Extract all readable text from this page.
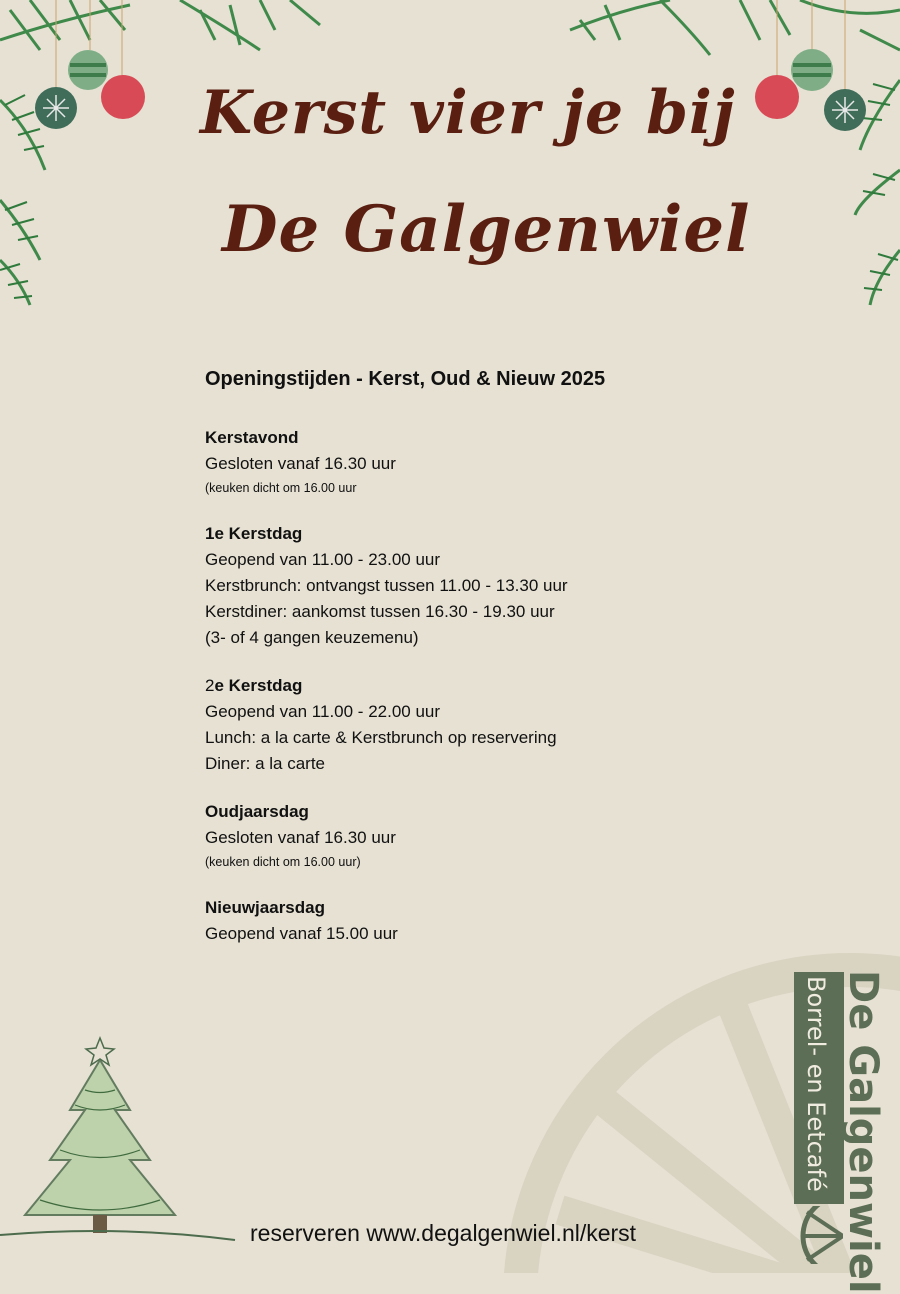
Kerst vier je bij
De Galgenwiel
Openingstijden - Kerst, Oud & Nieuw 2025
Kerstavond
Gesloten vanaf 16.30 uur
(keuken dicht om 16.00 uur
1e Kerstdag
Geopend van 11.00 - 23.00 uur
Kerstbrunch: ontvangst tussen 11.00 - 13.30 uur
Kerstdiner: aankomst tussen 16.30 - 19.30 uur
(3- of 4 gangen keuzemenu)
2e Kerstdag
Geopend van 11.00 - 22.00 uur
Lunch: a la carte & Kerstbrunch op reservering
Diner: a la carte
Oudjaarsdag
Gesloten vanaf 16.30 uur
(keuken dicht om 16.00 uur)
Nieuwjaarsdag
Geopend vanaf 15.00 uur
De Galgenwiel
Borrel- en Eetcafé
reserveren www.degalgenwiel.nl/kerst
